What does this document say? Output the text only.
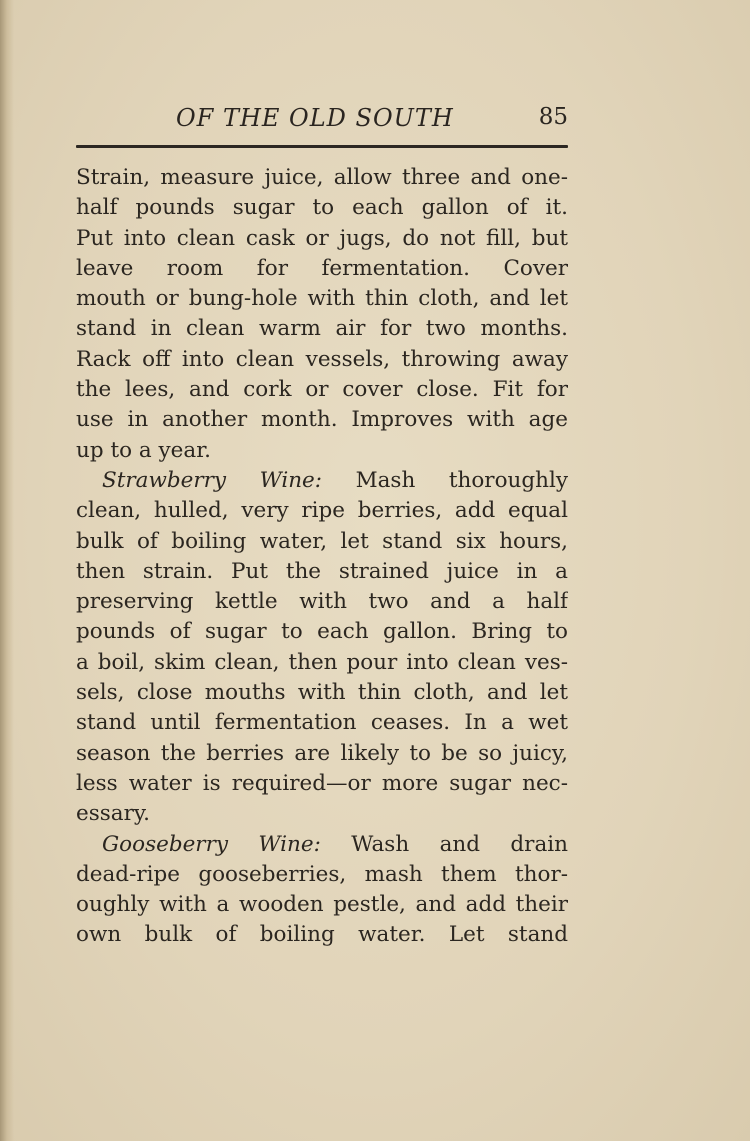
OF THE OLD SOUTH	85
Strain, measure juice, allow three and one-
half pounds sugar to each gallon of it.
Put into clean cask or jugs, do not fill, but
leave room for fermentation. Cover
mouth or bung-hole with thin cloth, and let
stand in clean warm air for two months.
Rack off into clean vessels, throwing away
the lees, and cork or cover close. Fit for
use in another month. Improves with age
up to a year.
Strawberry Wine: Mash thoroughly
clean, hulled, very ripe berries, add equal
bulk of boiling water, let stand six hours,
then strain. Put the strained juice in a
preserving kettle with two and a half
pounds of sugar to each gallon. Bring to
a boil, skim clean, then pour into clean ves-
sels, close mouths with thin cloth, and let
stand until fermentation ceases. In a wet
season the berries are likely to be so juicy,
less water is required—or more sugar nec-
essary.
Gooseberry Wine: Wash and drain
dead-ripe gooseberries, mash them thor-
oughly with a wooden pestle, and add their
own bulk of boiling water. Let stand
